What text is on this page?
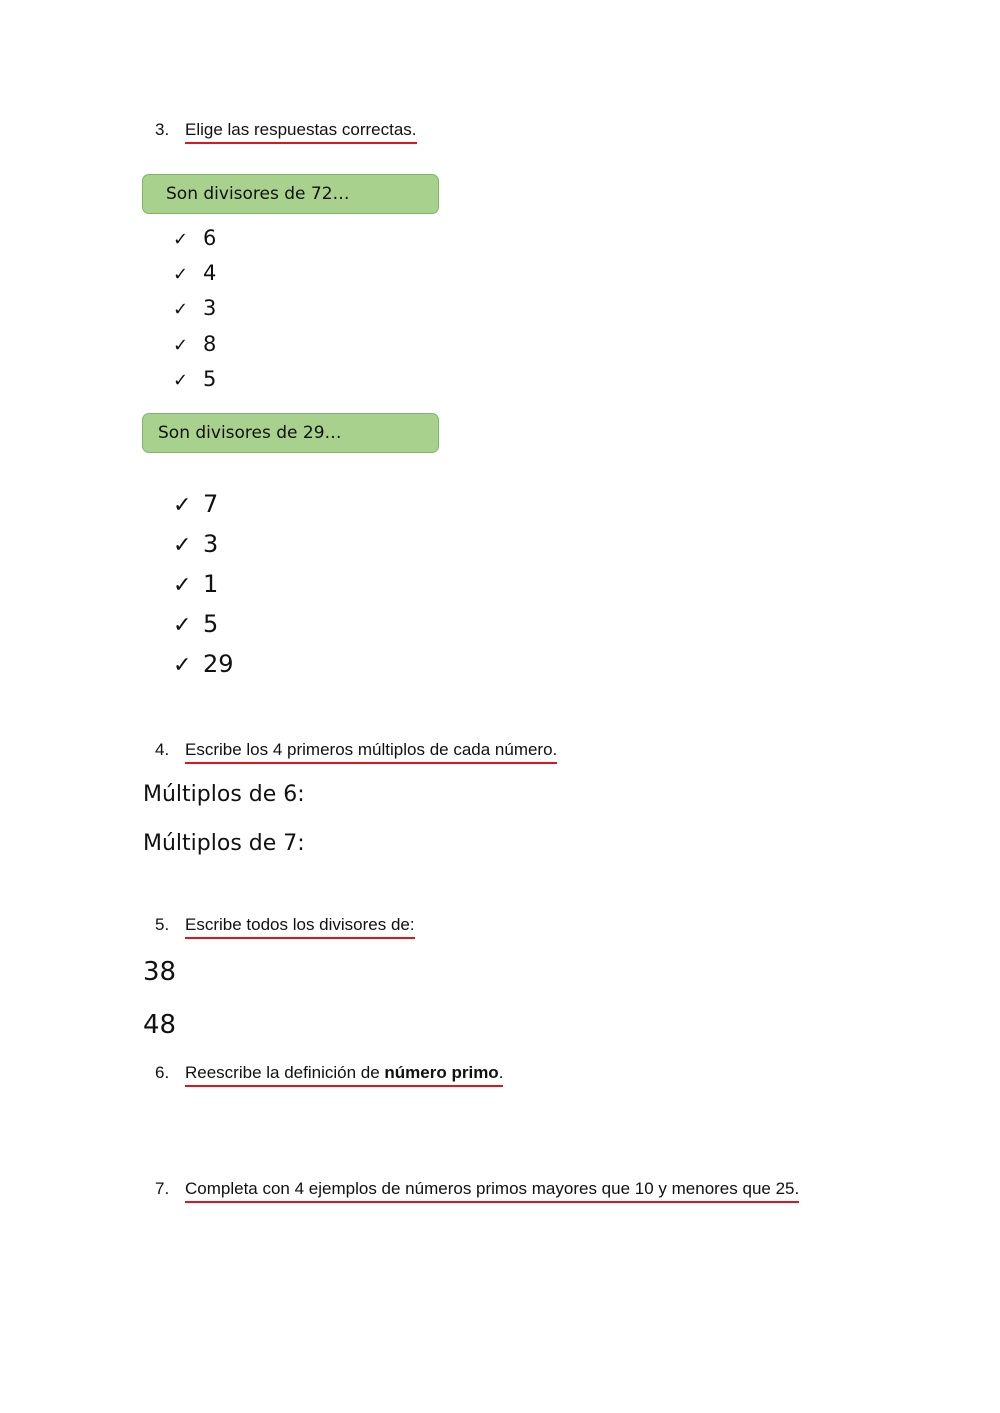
3. Elige las respuestas correctas.
Son divisores de 72…
✓ 6
✓ 4
✓ 3
✓ 8
✓ 5
Son divisores de 29…
✓ 7
✓ 3
✓ 1
✓ 5
✓ 29
4. Escribe los 4 primeros múltiplos de cada número.
Múltiplos de 6:
Múltiplos de 7:
5. Escribe todos los divisores de:
38
48
6. Reescribe la definición de número primo.
7. Completa con 4 ejemplos de números primos mayores que 10 y menores que 25.
